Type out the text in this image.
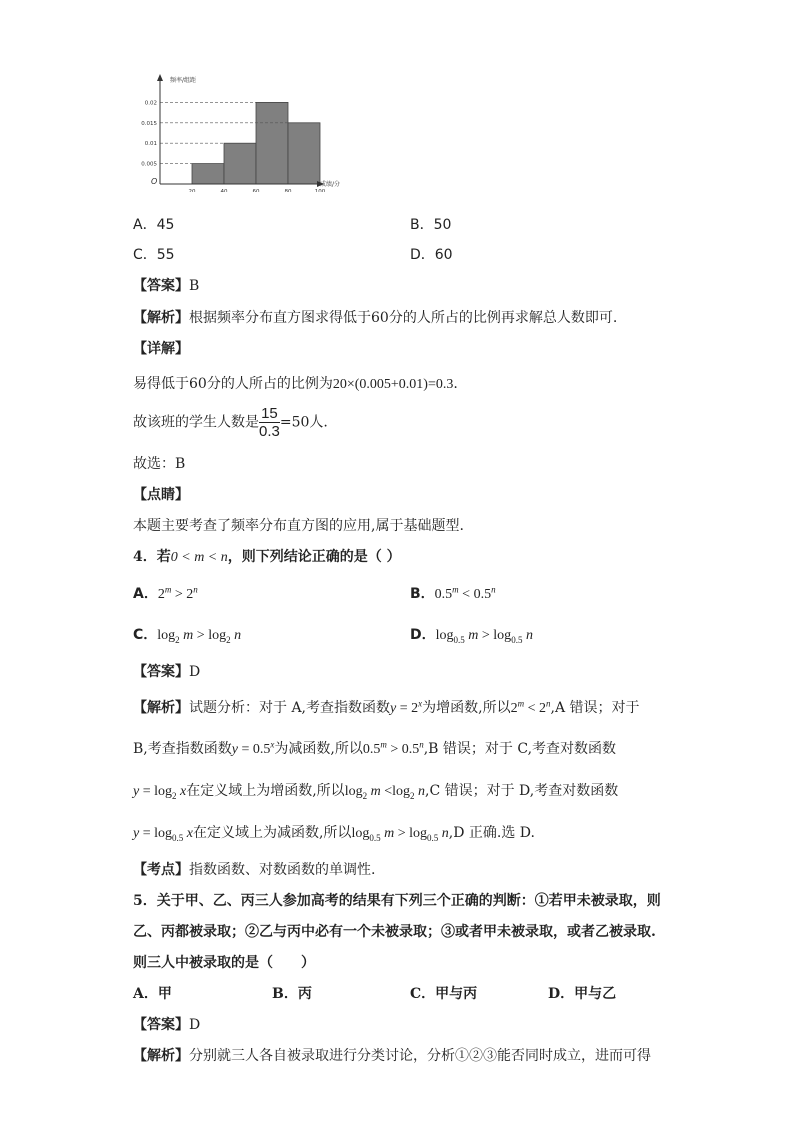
0.005
0.01
0.015
0.02
20	40	60	80	100
频率/组距
成绩/分
O
A．45	B．50
C．55	D．60
【答案】B
【解析】根据频率分布直方图求得低于60分的人所占的比例再求解总人数即可.
【详解】
易得低于60分的人所占的比例为20×(0.005+0.01)=0.3.
故该班的学生人数是 $\frac{15}{0.3} =50$人.
故选：B
【点睛】
本题主要考查了频率分布直方图的应用,属于基础题型.
4．若0 < m < n，则下列结论正确的是（ ）
A．$2^m > 2^n$	B．$0.5^m < 0.5^n$
C．$\log_2 m > \log_2 n$	D．$\log_{0.5} m > \log_{0.5} n$
【答案】D
【解析】试题分析：对于 A,考查指数函数$y = 2^x$为增函数,所以$2^m < 2^n,A$ 错误；对于
B,考查指数函数$y = 0.5^x$为减函数,所以$0.5^m > 0.5^n,B$ 错误；对于 C,考查对数函数
$y = \log_2 x$在定义域上为增函数,所以$\log_2 m <\log_2$ n,C 错误；对于 D,考查对数函数
$y = \log_{0.5} x$在定义域上为减函数,所以$\log_{0.5} m > \log_{0.5} n,D$ 正确.选 D.
【考点】指数函数、对数函数的单调性.
5．关于甲、乙、丙三人参加高考的结果有下列三个正确的判断：①若甲未被录取，则
乙、丙都被录取；②乙与丙中必有一个未被录取；③或者甲未被录取，或者乙被录取.
则三人中被录取的是（　　）
A．甲	B．丙	C．甲与丙	D．甲与乙
【答案】D
【解析】分别就三人各自被录取进行分类讨论，分析①②③能否同时成立，进而可得
